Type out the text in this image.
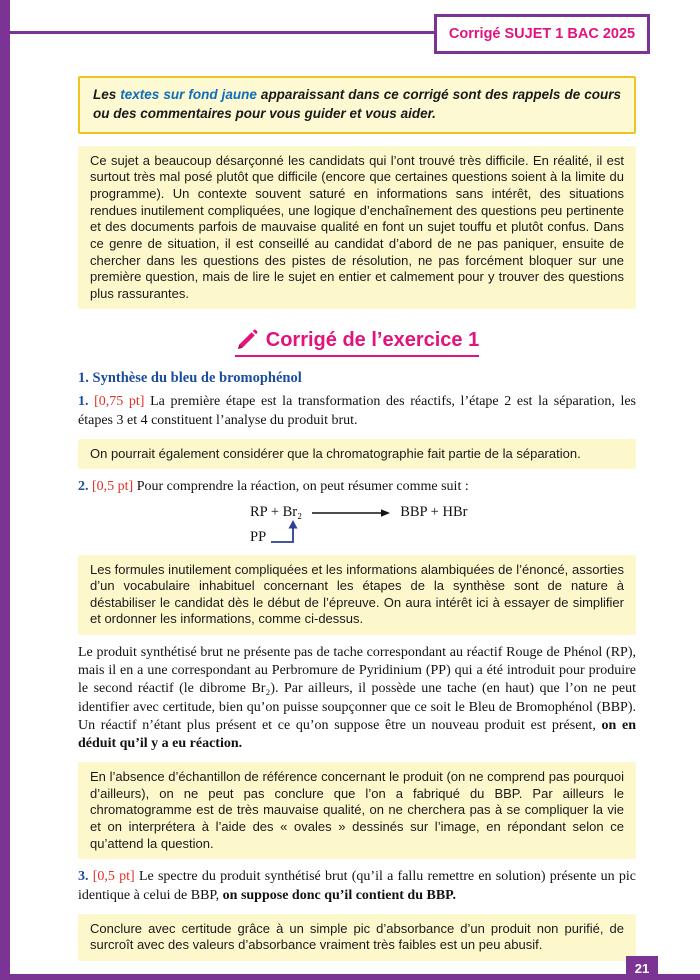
Corrigé SUJET 1 BAC 2025
Les textes sur fond jaune apparaissant dans ce corrigé sont des rappels de cours ou des commentaires pour vous guider et vous aider.
Ce sujet a beaucoup désarçonné les candidats qui l’ont trouvé très difficile. En réalité, il est surtout très mal posé plutôt que difficile (encore que certaines questions soient à la limite du programme). Un contexte souvent saturé en informations sans intérêt, des situations rendues inutilement compliquées, une logique d’enchaînement des questions peu pertinente et des documents parfois de mauvaise qualité en font un sujet touffu et plutôt confus. Dans ce genre de situation, il est conseillé au candidat d’abord de ne pas paniquer, ensuite de chercher dans les questions des pistes de résolution, ne pas forcément bloquer sur une première question, mais de lire le sujet en entier et calmement pour y trouver des questions plus rassurantes.
Corrigé de l’exercice 1
1. Synthèse du bleu de bromophénol

1. [0,75 pt] La première étape est la transformation des réactifs, l’étape 2 est la séparation, les étapes 3 et 4 constituent l’analyse du produit brut.

On pourrait également considérer que la chromatographie fait partie de la séparation.

2. [0,5 pt] Pour comprendre la réaction, on peut résumer comme suit :

RP + Br₂	BBP + HBr
PP
Les formules inutilement compliquées et les informations alambiquées de l’énoncé, assorties d’un vocabulaire inhabituel concernant les étapes de la synthèse sont de nature à déstabiliser le candidat dès le début de l’épreuve. On aura intérêt ici à essayer de simplifier et ordonner les informations, comme ci-dessus.

Le produit synthétisé brut ne présente pas de tache correspondant au réactif Rouge de Phénol (RP), mais il en a une correspondant au Perbromure de Pyridinium (PP) qui a été introduit pour produire le second réactif (le dibrome Br₂). Par ailleurs, il possède une tache (en haut) que l’on ne peut identifier avec certitude, bien qu’on puisse soupçonner que ce soit le Bleu de Bromophénol (BBP). Un réactif n’étant plus présent et ce qu’on suppose être un nouveau produit est présent, on en déduit qu’il y a eu réaction.

En l’absence d’échantillon de référence concernant le produit (on ne comprend pas pourquoi d’ailleurs), on ne peut pas conclure que l’on a fabriqué du BBP. Par ailleurs le chromatogramme est de très mauvaise qualité, on ne cherchera pas à se compliquer la vie et on interprétera à l’aide des « ovales » dessinés sur l’image, en répondant selon ce qu’attend la question.

3. [0,5 pt] Le spectre du produit synthétisé brut (qu’il a fallu remettre en solution) présente un pic identique à celui de BBP, on suppose donc qu’il contient du BBP.

Conclure avec certitude grâce à un simple pic d’absorbance d’un produit non purifié, de surcroît avec des valeurs d’absorbance vraiment très faibles est un peu abusif.
21
